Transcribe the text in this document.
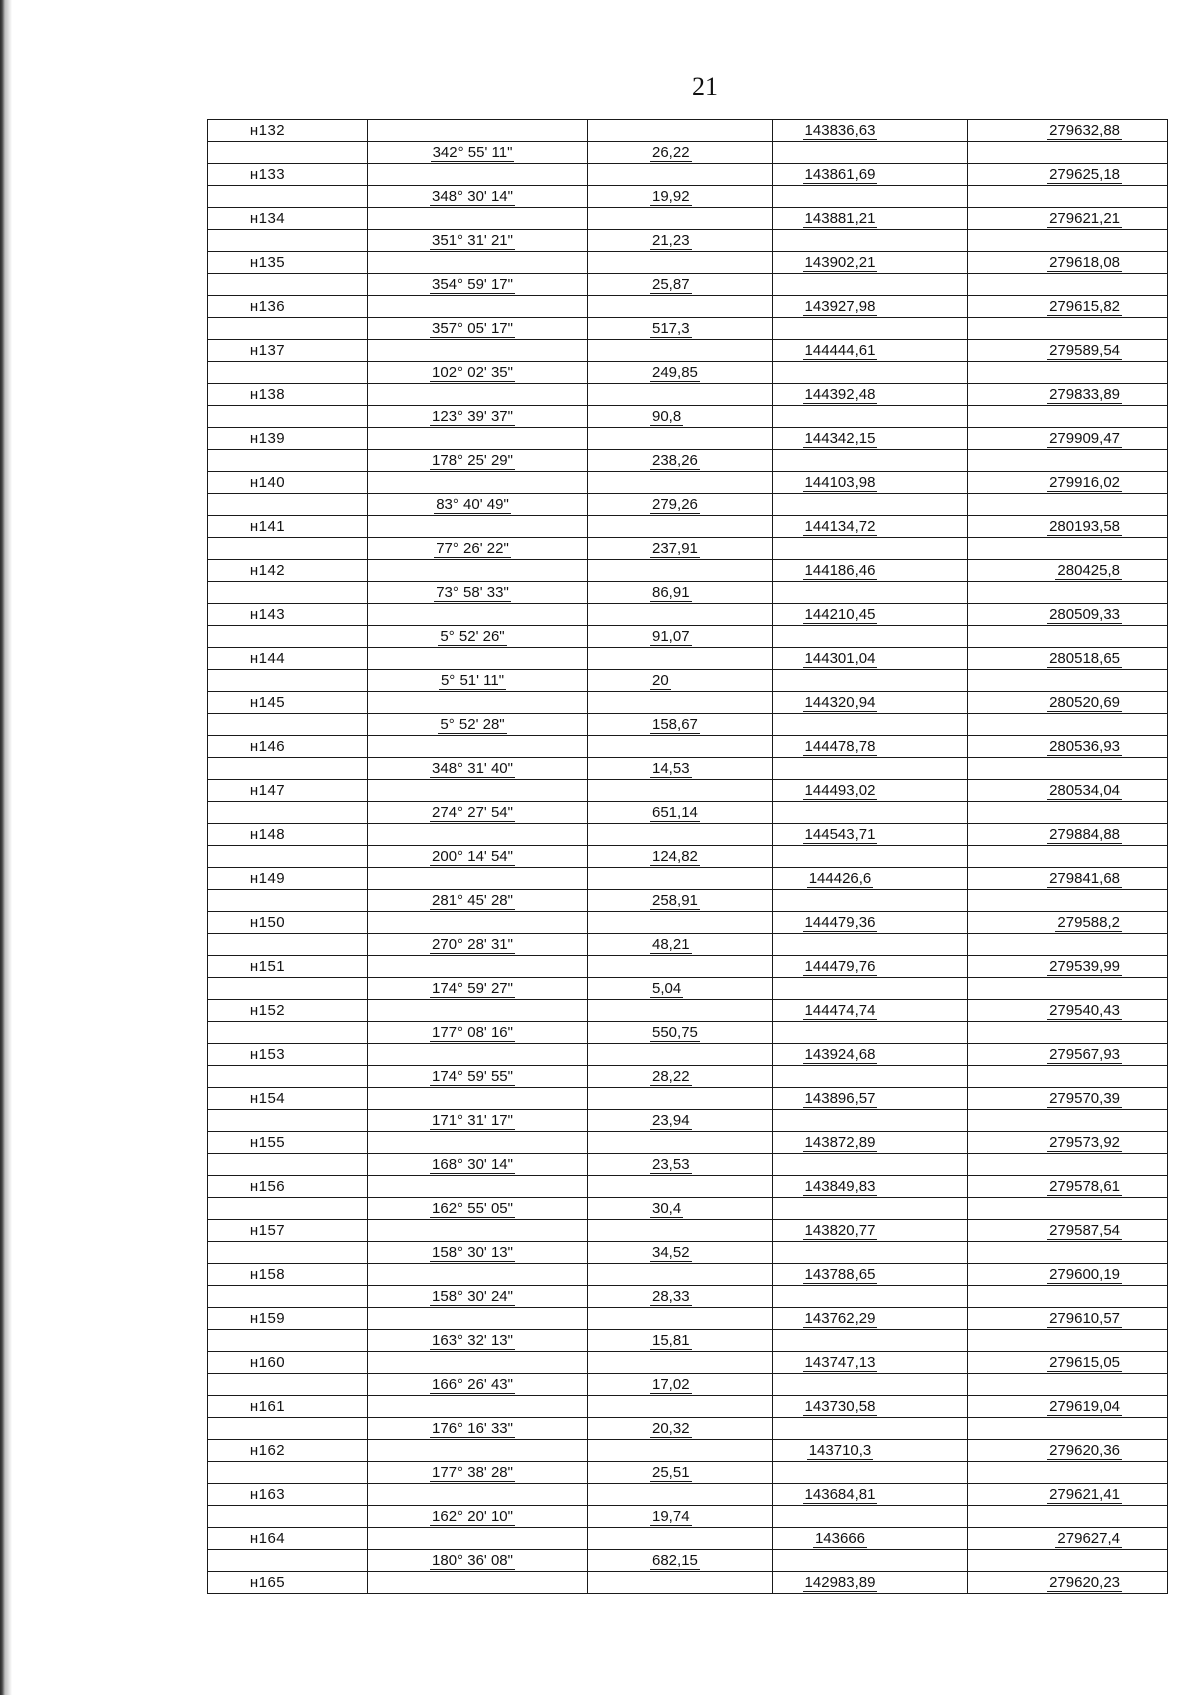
21
н132			143836,63	279632,88
	342° 55' 11"	26,22		
н133			143861,69	279625,18
	348° 30' 14"	19,92		
н134			143881,21	279621,21
	351° 31' 21"	21,23		
н135			143902,21	279618,08
	354° 59' 17"	25,87		
н136			143927,98	279615,82
	357° 05' 17"	517,3		
н137			144444,61	279589,54
	102° 02' 35"	249,85		
н138			144392,48	279833,89
	123° 39' 37"	90,8		
н139			144342,15	279909,47
	178° 25' 29"	238,26		
н140			144103,98	279916,02
	83° 40' 49"	279,26		
н141			144134,72	280193,58
	77° 26' 22"	237,91		
н142			144186,46	280425,8
	73° 58' 33"	86,91		
н143			144210,45	280509,33
	5° 52' 26"	91,07		
н144			144301,04	280518,65
	5° 51' 11"	20		
н145			144320,94	280520,69
	5° 52' 28"	158,67		
н146			144478,78	280536,93
	348° 31' 40"	14,53		
н147			144493,02	280534,04
	274° 27' 54"	651,14		
н148			144543,71	279884,88
	200° 14' 54"	124,82		
н149			144426,6	279841,68
	281° 45' 28"	258,91		
н150			144479,36	279588,2
	270° 28' 31"	48,21		
н151			144479,76	279539,99
	174° 59' 27"	5,04		
н152			144474,74	279540,43
	177° 08' 16"	550,75		
н153			143924,68	279567,93
	174° 59' 55"	28,22		
н154			143896,57	279570,39
	171° 31' 17"	23,94		
н155			143872,89	279573,92
	168° 30' 14"	23,53		
н156			143849,83	279578,61
	162° 55' 05"	30,4		
н157			143820,77	279587,54
	158° 30' 13"	34,52		
н158			143788,65	279600,19
	158° 30' 24"	28,33		
н159			143762,29	279610,57
	163° 32' 13"	15,81		
н160			143747,13	279615,05
	166° 26' 43"	17,02		
н161			143730,58	279619,04
	176° 16' 33"	20,32		
н162			143710,3	279620,36
	177° 38' 28"	25,51		
н163			143684,81	279621,41
	162° 20' 10"	19,74		
н164			143666	279627,4
	180° 36' 08"	682,15		
н165			142983,89	279620,23
